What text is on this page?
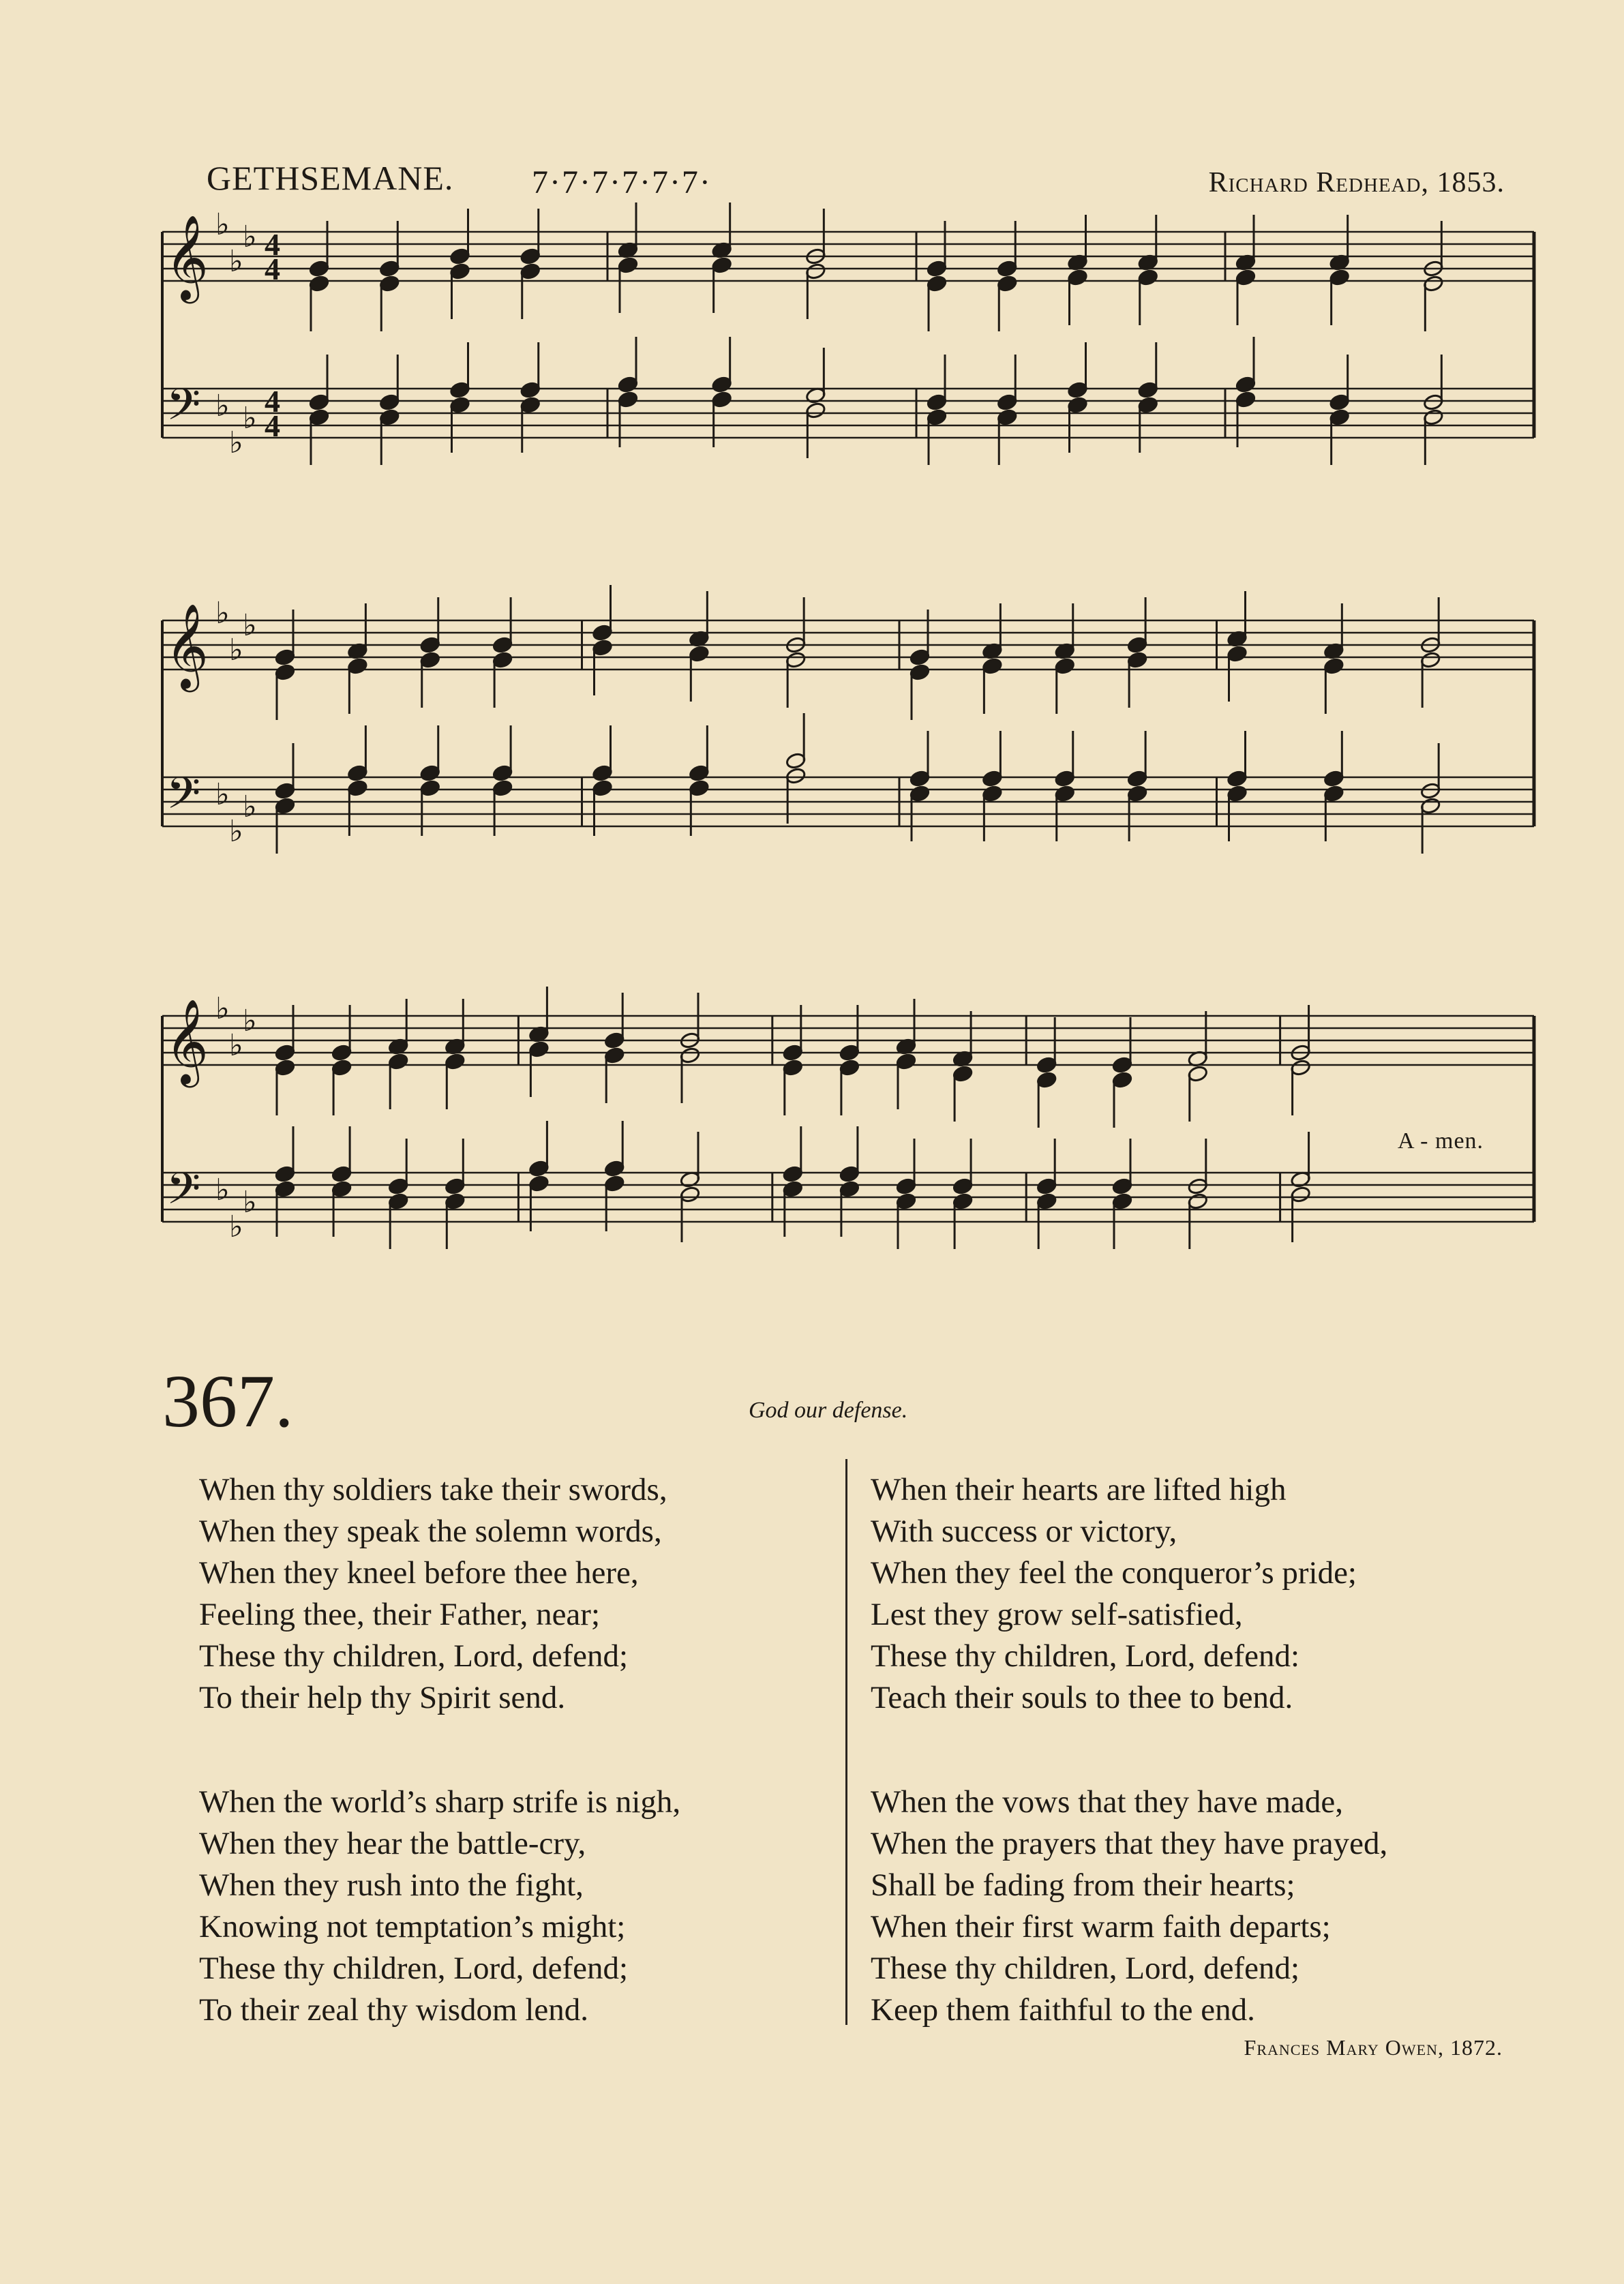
GETHSEMANE. 7·7·7·7·7·7·	Richard Redhead, 1853.
𝄞
𝄢
♭
♭
♭
♭
♭
♭
4
4
4
4
𝄞
𝄢
♭
♭
♭
♭
♭
♭
𝄞
𝄢
♭
♭
♭
♭
♭
♭
A - men.
367.	God our defense.
When thy soldiers take their swords,
When they speak the solemn words,
When they kneel before thee here,
Feeling thee, their Father, near;
These thy children, Lord, defend;
To their help thy Spirit send.
When their hearts are lifted high
With success or victory,
When they feel the conqueror’s pride;
Lest they grow self-satisfied,
These thy children, Lord, defend:
Teach their souls to thee to bend.
When the world’s sharp strife is nigh,
When they hear the battle-cry,
When they rush into the fight,
Knowing not temptation’s might;
These thy children, Lord, defend;
To their zeal thy wisdom lend.
When the vows that they have made,
When the prayers that they have prayed,
Shall be fading from their hearts;
When their first warm faith departs;
These thy children, Lord, defend;
Keep them faithful to the end.
Frances Mary Owen, 1872.
